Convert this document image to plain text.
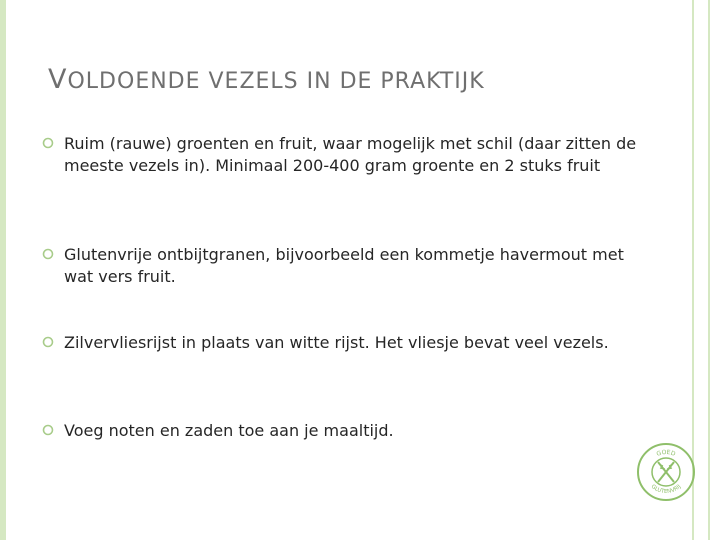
VOLDOENDE VEZELS IN DE PRAKTIJK
Ruim (rauwe) groenten en fruit, waar mogelijk met schil (daar zitten de meeste vezels in). Minimaal 200-400 gram groente en 2 stuks fruit
Glutenvrije ontbijtgranen, bijvoorbeeld een kommetje havermout met wat vers fruit.
Zilvervliesrijst in plaats van witte rijst. Het vliesje bevat veel vezels.
Voeg noten en zaden toe aan je maaltijd.
GOED
GLUTENVRIJ
